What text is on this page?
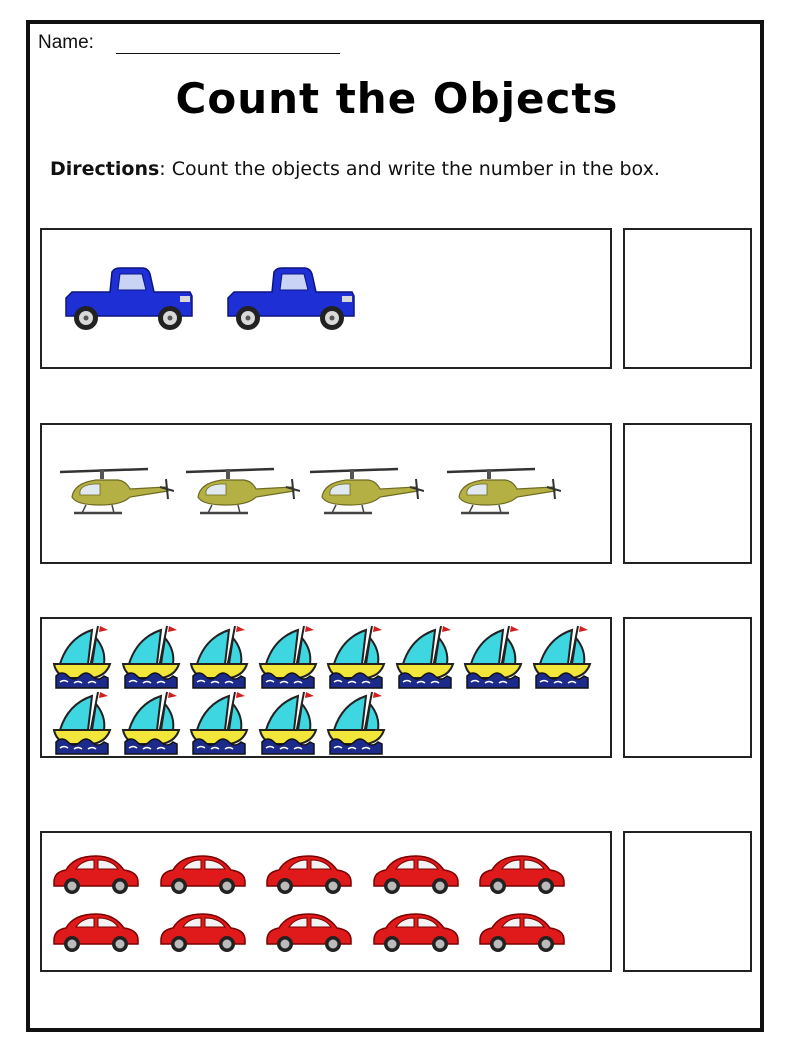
Name:
Count the Objects
Directions: Count the objects and write the number in the box.
